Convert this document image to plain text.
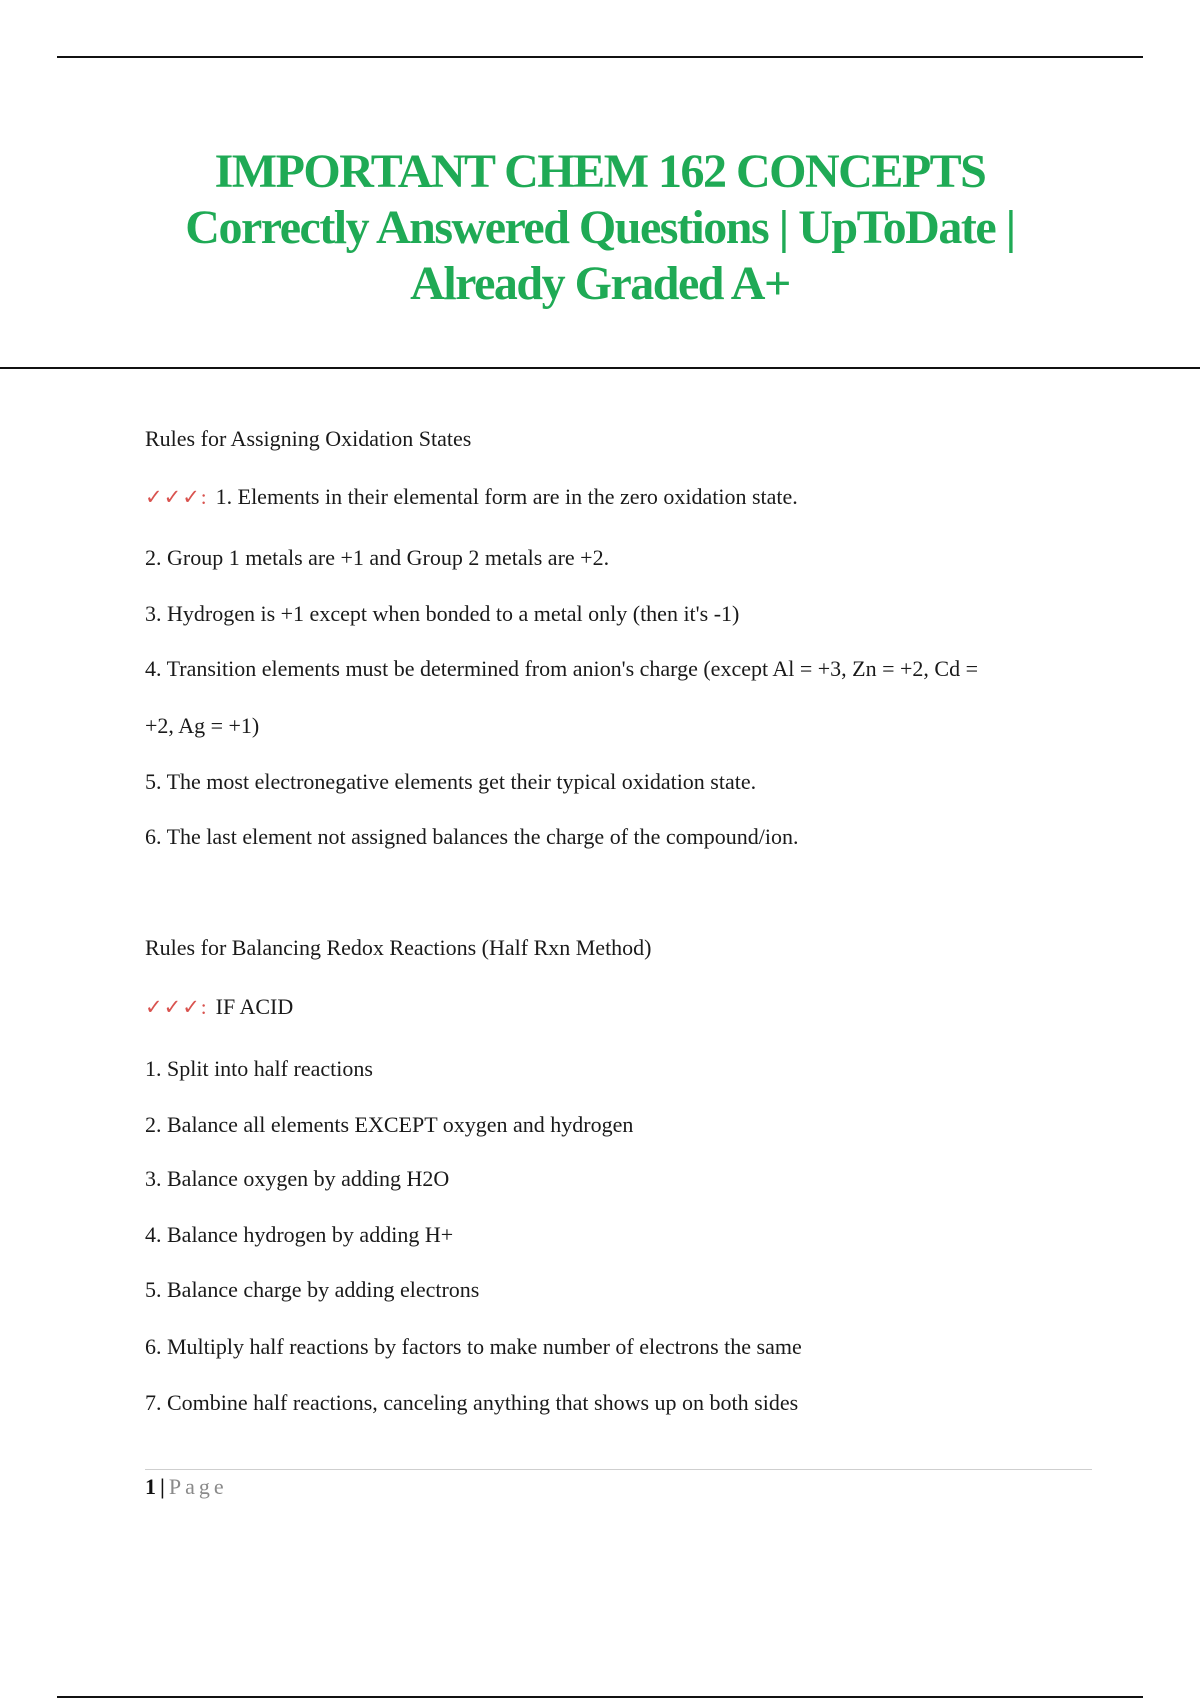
IMPORTANT CHEM 162 CONCEPTS
Correctly Answered Questions | UpToDate |
Already Graded A+
Rules for Assigning Oxidation States
✓✓✓: 1. Elements in their elemental form are in the zero oxidation state.
2. Group 1 metals are +1 and Group 2 metals are +2.
3. Hydrogen is +1 except when bonded to a metal only (then it's -1)
4. Transition elements must be determined from anion's charge (except Al = +3, Zn = +2, Cd =
+2, Ag = +1)
5. The most electronegative elements get their typical oxidation state.
6. The last element not assigned balances the charge of the compound/ion.
Rules for Balancing Redox Reactions (Half Rxn Method)
✓✓✓: IF ACID
1. Split into half reactions
2. Balance all elements EXCEPT oxygen and hydrogen
3. Balance oxygen by adding H2O
4. Balance hydrogen by adding H+
5. Balance charge by adding electrons
6. Multiply half reactions by factors to make number of electrons the same
7. Combine half reactions, canceling anything that shows up on both sides
1 | Page
